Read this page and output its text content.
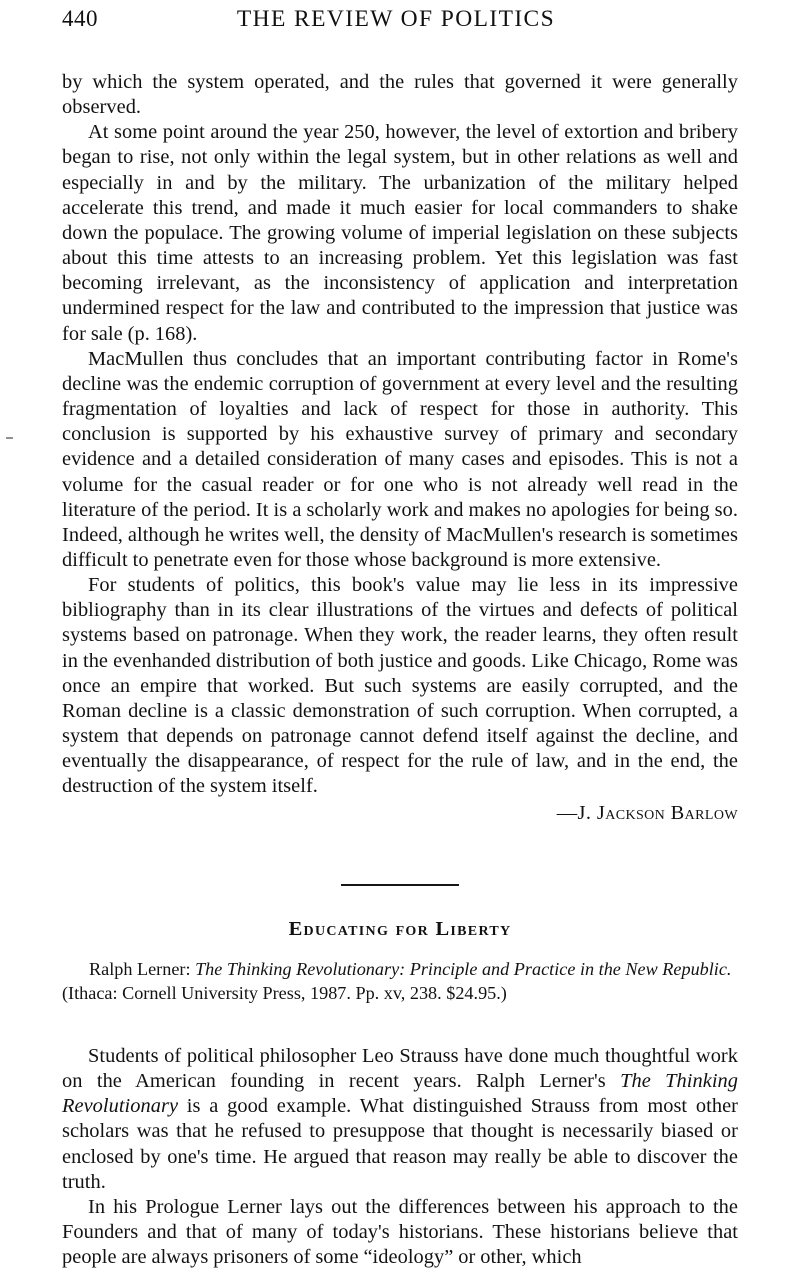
440	THE REVIEW OF POLITICS

by which the system operated, and the rules that governed it were generally observed.

At some point around the year 250, however, the level of extortion and bribery began to rise, not only within the legal system, but in other relations as well and especially in and by the military. The urbanization of the military helped accelerate this trend, and made it much easier for local commanders to shake down the populace. The growing volume of imperial legislation on these subjects about this time attests to an increasing problem. Yet this legislation was fast becoming irrelevant, as the inconsistency of application and interpretation undermined respect for the law and contributed to the impression that justice was for sale (p. 168).

MacMullen thus concludes that an important contributing factor in Rome's decline was the endemic corruption of government at every level and the resulting fragmentation of loyalties and lack of respect for those in authority. This conclusion is supported by his exhaustive survey of primary and secondary evidence and a detailed consideration of many cases and episodes. This is not a volume for the casual reader or for one who is not already well read in the literature of the period. It is a scholarly work and makes no apologies for being so. Indeed, although he writes well, the density of MacMullen's research is sometimes difficult to penetrate even for those whose background is more extensive.

For students of politics, this book's value may lie less in its impressive bibliography than in its clear illustrations of the virtues and defects of political systems based on patronage. When they work, the reader learns, they often result in the evenhanded distribution of both justice and goods. Like Chicago, Rome was once an empire that worked. But such systems are easily corrupted, and the Roman decline is a classic demonstration of such corruption. When corrupted, a system that depends on patronage cannot defend itself against the decline, and eventually the disappearance, of respect for the rule of law, and in the end, the destruction of the system itself.

—J. Jackson Barlow

Educating for Liberty
Ralph Lerner: The Thinking Revolutionary: Principle and Practice in the New Republic.
(Ithaca: Cornell University Press, 1987. Pp. xv, 238. $24.95.)

Students of political philosopher Leo Strauss have done much thoughtful work on the American founding in recent years. Ralph Lerner's The Thinking Revolutionary is a good example. What distinguished Strauss from most other scholars was that he refused to presuppose that thought is necessarily biased or enclosed by one's time. He argued that reason may really be able to discover the truth.

In his Prologue Lerner lays out the differences between his approach to the Founders and that of many of today's historians. These historians believe that people are always prisoners of some “ideology” or other, which
